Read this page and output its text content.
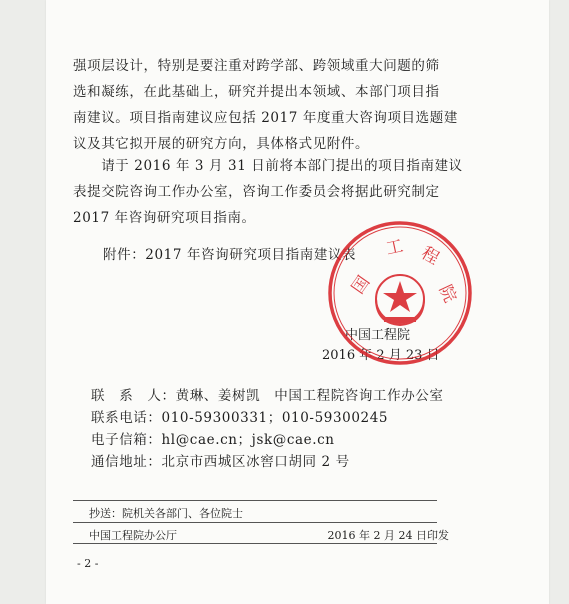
强项层设计，特别是要注重对跨学部、跨领域重大问题的筛

选和凝练，在此基础上，研究并提出本领域、本部门项目指

南建议。项目指南建议应包括 2017 年度重大咨询项目选题建

议及其它拟开展的研究方向，具体格式见附件。

　　请于 2016 年 3 月 31 日前将本部门提出的项目指南建议

表提交院咨询工作办公室，咨询工作委员会将据此研究制定

2017 年咨询研究项目指南。

附件：2017 年咨询研究项目指南建议表
中国工程院
2016 年 2 月 23 日
国
工 程
院
联　系　人：黄琳、姜树凯　中国工程院咨询工作办公室
联系电话：010-59300331；010-59300245
电子信箱：hl@cae.cn；jsk@cae.cn
通信地址：北京市西城区冰窖口胡同 2 号
抄送：院机关各部门、各位院士
中国工程院办公厅	2016 年 2 月 24 日印发
- 2 -
